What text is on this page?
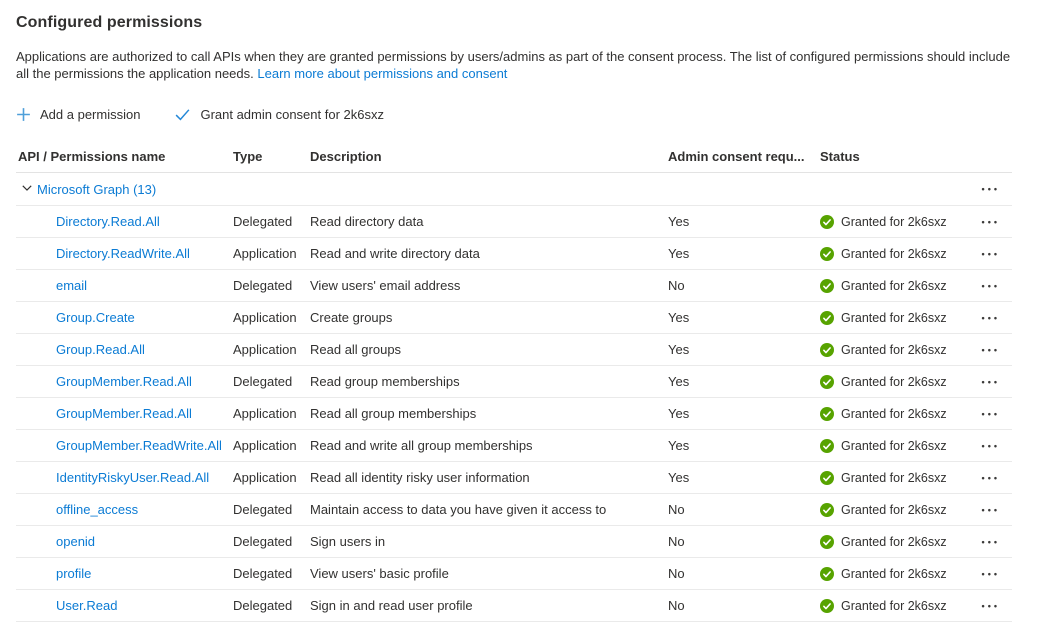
Configured permissions

Applications are authorized to call APIs when they are granted permissions by users/admins as part of the consent process. The list of configured permissions should include all the permissions the application needs. Learn more about permissions and consent

Add a permission	Grant admin consent for 2k6sxz
API / Permissions name	Type	Description	Admin consent requ...	Status
Microsoft Graph (13)	•••
Directory.Read.All	Delegated	Read directory data	Yes	Granted for 2k6sxz	•••
Directory.ReadWrite.All	Application	Read and write directory data	Yes	Granted for 2k6sxz	•••
email	Delegated	View users' email address	No	Granted for 2k6sxz	•••
Group.Create	Application	Create groups	Yes	Granted for 2k6sxz	•••
Group.Read.All	Application	Read all groups	Yes	Granted for 2k6sxz	•••
GroupMember.Read.All	Delegated	Read group memberships	Yes	Granted for 2k6sxz	•••
GroupMember.Read.All	Application	Read all group memberships	Yes	Granted for 2k6sxz	•••
GroupMember.ReadWrite.All Application	Read and write all group memberships	Yes	Granted for 2k6sxz	•••
IdentityRiskyUser.Read.All	Application	Read all identity risky user information	Yes	Granted for 2k6sxz	•••
offline_access	Delegated	Maintain access to data you have given it access to	No	Granted for 2k6sxz	•••
openid	Delegated	Sign users in	No	Granted for 2k6sxz	•••
profile	Delegated	View users' basic profile	No	Granted for 2k6sxz	•••
User.Read	Delegated	Sign in and read user profile	No	Granted for 2k6sxz	•••
